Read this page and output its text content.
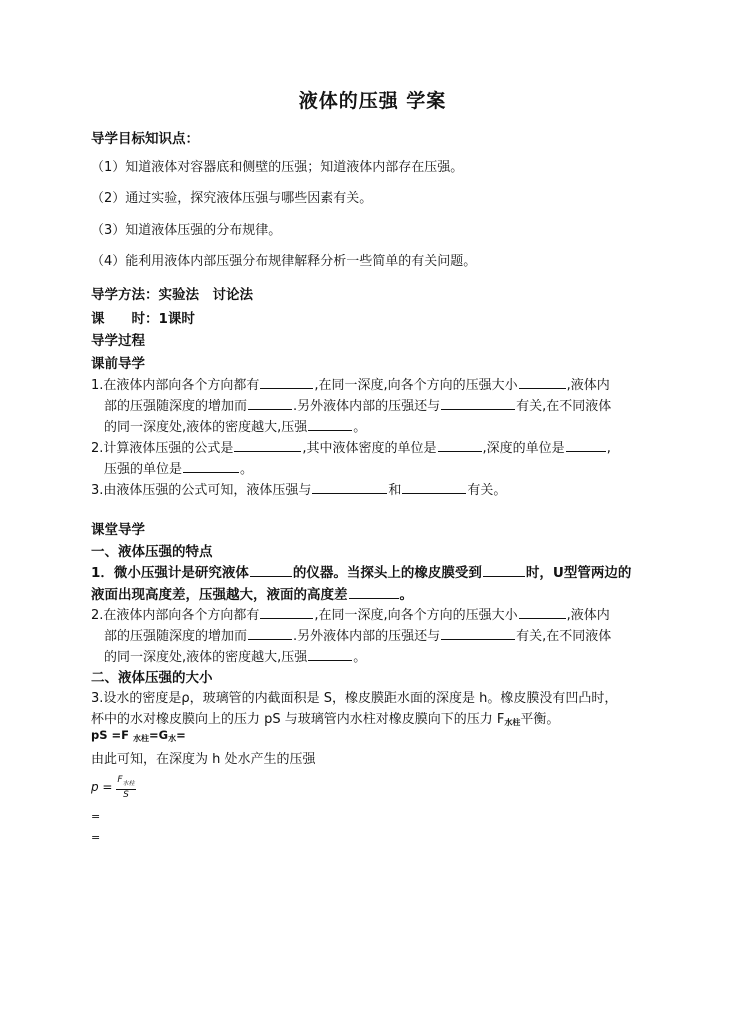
液体的压强 学案
导学目标知识点：
（1）知道液体对容器底和侧壁的压强；知道液体内部存在压强。
（2）通过实验，探究液体压强与哪些因素有关。
（3）知道液体压强的分布规律。
（4）能利用液体内部压强分布规律解释分析一些简单的有关问题。
导学方法：实验法　讨论法
课　　时：1课时
导学过程
课前导学
1.在液体内部向各个方向都有	,在同一深度,向各个方向的压强大小	,液体内
部的压强随深度的增加而	.另外液体内部的压强还与	有关,在不同液体
的同一深度处,液体的密度越大,压强	。
2.计算液体压强的公式是	,其中液体密度的单位是	,深度的单位是	,
压强的单位是	。
3.由液体压强的公式可知，液体压强与	和	有关。
课堂导学
一、液体压强的特点
1．微小压强计是研究液体	的仪器。当探头上的橡皮膜受到	时，U型管两边的
液面出现高度差，压强越大，液面的高度差	。
2.在液体内部向各个方向都有	,在同一深度,向各个方向的压强大小	,液体内
部的压强随深度的增加而	.另外液体内部的压强还与	有关,在不同液体
的同一深度处,液体的密度越大,压强	。
二、液体压强的大小
3.设水的密度是ρ，玻璃管的内截面积是 S，橡皮膜距水面的深度是 h。橡皮膜没有凹凸时，
杯中的水对橡皮膜向上的压力 pS 与玻璃管内水柱对橡皮膜向下的压力 $F_{水柱}$平衡。
pS =F $_{水柱}=G_水=$
由此可知，在深度为 h 处水产生的压强
$p = \frac{F_{水柱}}{S}$
=
=
